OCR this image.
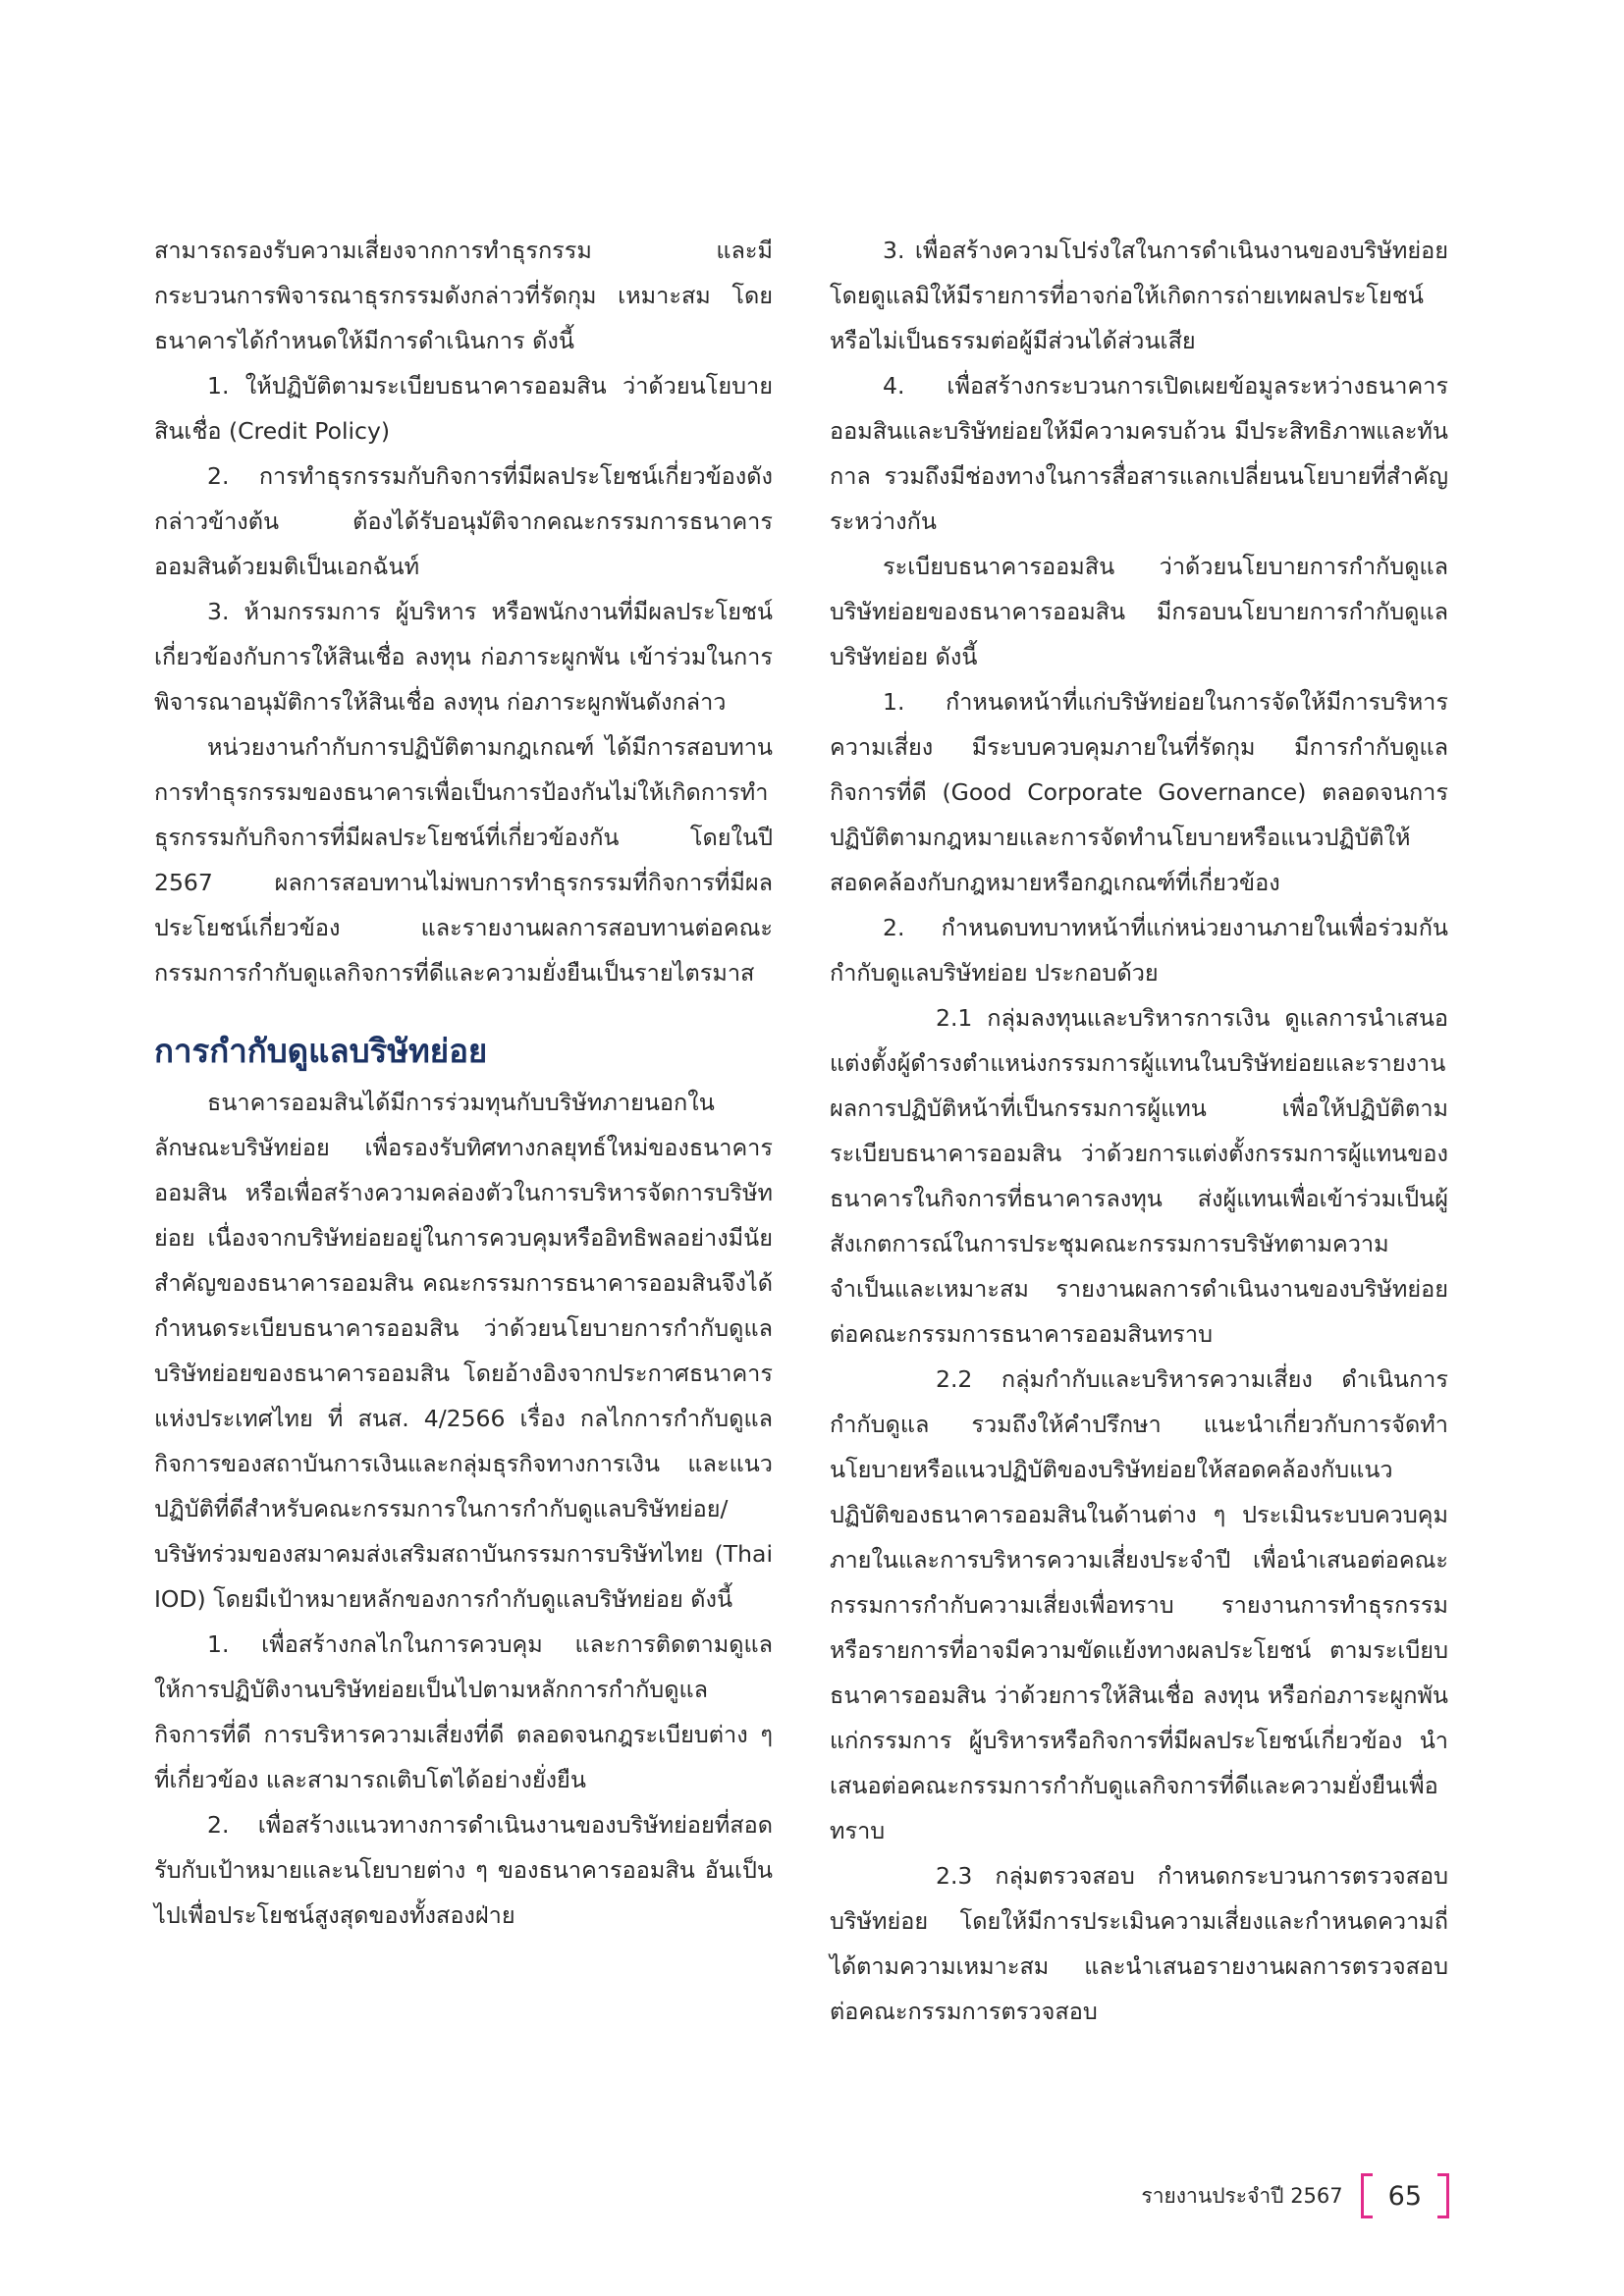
สามารถรองรับความเสี่ยงจากการทำธุรกรรม และมีกระบวนการพิจารณาธุรกรรมดังกล่าวที่รัดกุม เหมาะสม โดยธนาคารได้กำหนดให้มีการดำเนินการ ดังนี้

1. ให้ปฏิบัติตามระเบียบธนาคารออมสิน ว่าด้วยนโยบายสินเชื่อ (Credit Policy)

2. การทำธุรกรรมกับกิจการที่มีผลประโยชน์เกี่ยวข้องดังกล่าวข้างต้น ต้องได้รับอนุมัติจากคณะกรรมการธนาคารออมสินด้วยมติเป็นเอกฉันท์

3. ห้ามกรรมการ ผู้บริหาร หรือพนักงานที่มีผลประโยชน์เกี่ยวข้องกับการให้สินเชื่อ ลงทุน ก่อภาระผูกพัน เข้าร่วมในการพิจารณาอนุมัติการให้สินเชื่อ ลงทุน ก่อภาระผูกพันดังกล่าว

หน่วยงานกำกับการปฏิบัติตามกฎเกณฑ์ ได้มีการสอบทานการทำธุรกรรมของธนาคารเพื่อเป็นการป้องกันไม่ให้เกิดการทำธุรกรรมกับกิจการที่มีผลประโยชน์ที่เกี่ยวข้องกัน โดยในปี 2567 ผลการสอบทานไม่พบการทำธุรกรรมที่กิจการที่มีผลประโยชน์เกี่ยวข้อง และรายงานผลการสอบทานต่อคณะกรรมการกำกับดูแลกิจการที่ดีและความยั่งยืนเป็นรายไตรมาส

การกำกับดูแลบริษัทย่อย

ธนาคารออมสินได้มีการร่วมทุนกับบริษัทภายนอกในลักษณะบริษัทย่อย เพื่อรองรับทิศทางกลยุทธ์ใหม่ของธนาคารออมสิน หรือเพื่อสร้างความคล่องตัวในการบริหารจัดการบริษัทย่อย เนื่องจากบริษัทย่อยอยู่ในการควบคุมหรืออิทธิพลอย่างมีนัยสำคัญของธนาคารออมสิน คณะกรรมการธนาคารออมสินจึงได้กำหนดระเบียบธนาคารออมสิน ว่าด้วยนโยบายการกำกับดูแลบริษัทย่อยของธนาคารออมสิน โดยอ้างอิงจากประกาศธนาคารแห่งประเทศไทย ที่ สนส. 4/2566 เรื่อง กลไกการกำกับดูแลกิจการของสถาบันการเงินและกลุ่มธุรกิจทางการเงิน และแนวปฏิบัติที่ดีสำหรับคณะกรรมการในการกำกับดูแลบริษัทย่อย/บริษัทร่วมของสมาคมส่งเสริมสถาบันกรรมการบริษัทไทย (Thai IOD) โดยมีเป้าหมายหลักของการกำกับดูแลบริษัทย่อย ดังนี้

1. เพื่อสร้างกลไกในการควบคุม และการติดตามดูแลให้การปฏิบัติงานบริษัทย่อยเป็นไปตามหลักการกำกับดูแลกิจการที่ดี การบริหารความเสี่ยงที่ดี ตลอดจนกฎระเบียบต่าง ๆ ที่เกี่ยวข้อง และสามารถเติบโตได้อย่างยั่งยืน

2. เพื่อสร้างแนวทางการดำเนินงานของบริษัทย่อยที่สอดรับกับเป้าหมายและนโยบายต่าง ๆ ของธนาคารออมสิน อันเป็นไปเพื่อประโยชน์สูงสุดของทั้งสองฝ่าย

3. เพื่อสร้างความโปร่งใสในการดำเนินงานของบริษัทย่อย โดยดูแลมิให้มีรายการที่อาจก่อให้เกิดการถ่ายเทผลประโยชน์ หรือไม่เป็นธรรมต่อผู้มีส่วนได้ส่วนเสีย

4. เพื่อสร้างกระบวนการเปิดเผยข้อมูลระหว่างธนาคารออมสินและบริษัทย่อยให้มีความครบถ้วน มีประสิทธิภาพและทันกาล รวมถึงมีช่องทางในการสื่อสารแลกเปลี่ยนนโยบายที่สำคัญระหว่างกัน

ระเบียบธนาคารออมสิน ว่าด้วยนโยบายการกำกับดูแลบริษัทย่อยของธนาคารออมสิน มีกรอบนโยบายการกำกับดูแลบริษัทย่อย ดังนี้

1. กำหนดหน้าที่แก่บริษัทย่อยในการจัดให้มีการบริหารความเสี่ยง มีระบบควบคุมภายในที่รัดกุม มีการกำกับดูแลกิจการที่ดี (Good Corporate Governance) ตลอดจนการปฏิบัติตามกฎหมายและการจัดทำนโยบายหรือแนวปฏิบัติให้สอดคล้องกับกฎหมายหรือกฎเกณฑ์ที่เกี่ยวข้อง

2. กำหนดบทบาทหน้าที่แก่หน่วยงานภายในเพื่อร่วมกันกำกับดูแลบริษัทย่อย ประกอบด้วย

2.1 กลุ่มลงทุนและบริหารการเงิน ดูแลการนำเสนอแต่งตั้งผู้ดำรงตำแหน่งกรรมการผู้แทนในบริษัทย่อยและรายงานผลการปฏิบัติหน้าที่เป็นกรรมการผู้แทน เพื่อให้ปฏิบัติตามระเบียบธนาคารออมสิน ว่าด้วยการแต่งตั้งกรรมการผู้แทนของธนาคารในกิจการที่ธนาคารลงทุน ส่งผู้แทนเพื่อเข้าร่วมเป็นผู้สังเกตการณ์ในการประชุมคณะกรรมการบริษัทตามความจำเป็นและเหมาะสม รายงานผลการดำเนินงานของบริษัทย่อยต่อคณะกรรมการธนาคารออมสินทราบ

2.2 กลุ่มกำกับและบริหารความเสี่ยง ดำเนินการกำกับดูแล รวมถึงให้คำปรึกษา แนะนำเกี่ยวกับการจัดทำนโยบายหรือแนวปฏิบัติของบริษัทย่อยให้สอดคล้องกับแนวปฏิบัติของธนาคารออมสินในด้านต่าง ๆ ประเมินระบบควบคุมภายในและการบริหารความเสี่ยงประจำปี เพื่อนำเสนอต่อคณะกรรมการกำกับความเสี่ยงเพื่อทราบ รายงานการทำธุรกรรมหรือรายการที่อาจมีความขัดแย้งทางผลประโยชน์ ตามระเบียบธนาคารออมสิน ว่าด้วยการให้สินเชื่อ ลงทุน หรือก่อภาระผูกพันแก่กรรมการ ผู้บริหารหรือกิจการที่มีผลประโยชน์เกี่ยวข้อง นำเสนอต่อคณะกรรมการกำกับดูแลกิจการที่ดีและความยั่งยืนเพื่อทราบ

2.3 กลุ่มตรวจสอบ กำหนดกระบวนการตรวจสอบบริษัทย่อย โดยให้มีการประเมินความเสี่ยงและกำหนดความถี่ได้ตามความเหมาะสม และนำเสนอรายงานผลการตรวจสอบต่อคณะกรรมการตรวจสอบ

รายงานประจำปี 2567	65
